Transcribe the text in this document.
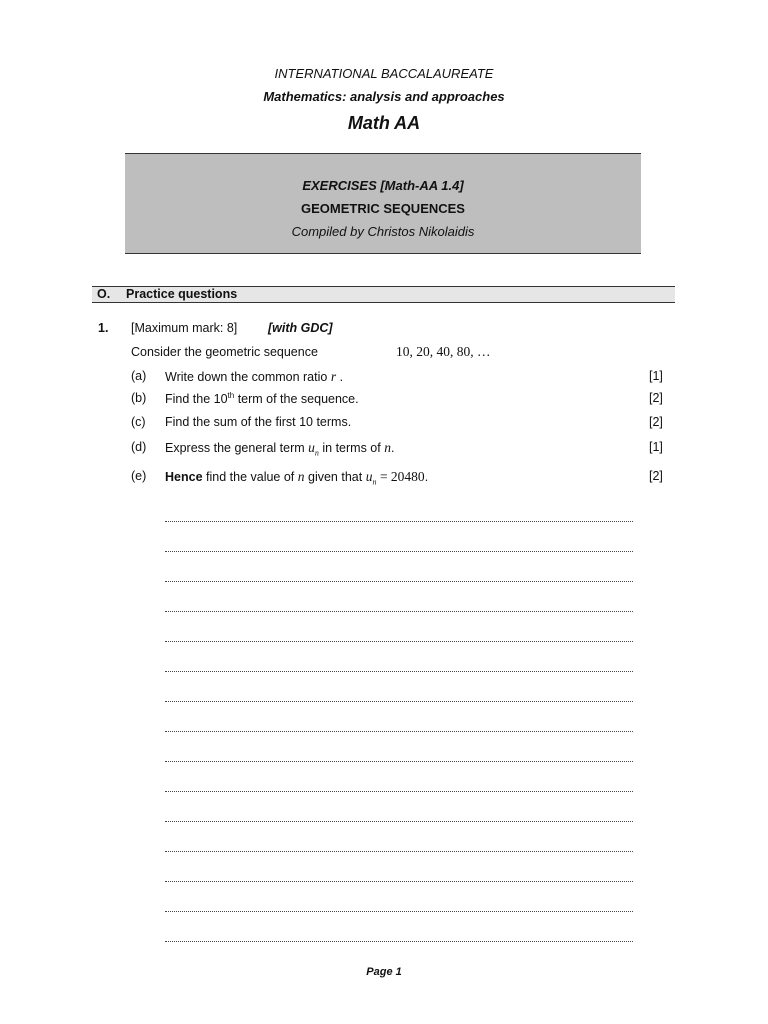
INTERNATIONAL BACCALAUREATE
Mathematics: analysis and approaches
Math AA
EXERCISES [Math-AA 1.4]
GEOMETRIC SEQUENCES
Compiled by Christos Nikolaidis
O. Practice questions
1. [Maximum mark: 8] [with GDC]
Consider the geometric sequence	10, 20, 40, 80, …
(a) Write down the common ratio r .	[1]
(b) Find the 10th term of the sequence.	[2]
(c) Find the sum of the first 10 terms.	[2]
(d) Express the general term $u_n$ in terms of n.	[1]
(e) Hence find the value of n given that $u_n = 20480$.	[2]
Page 1
